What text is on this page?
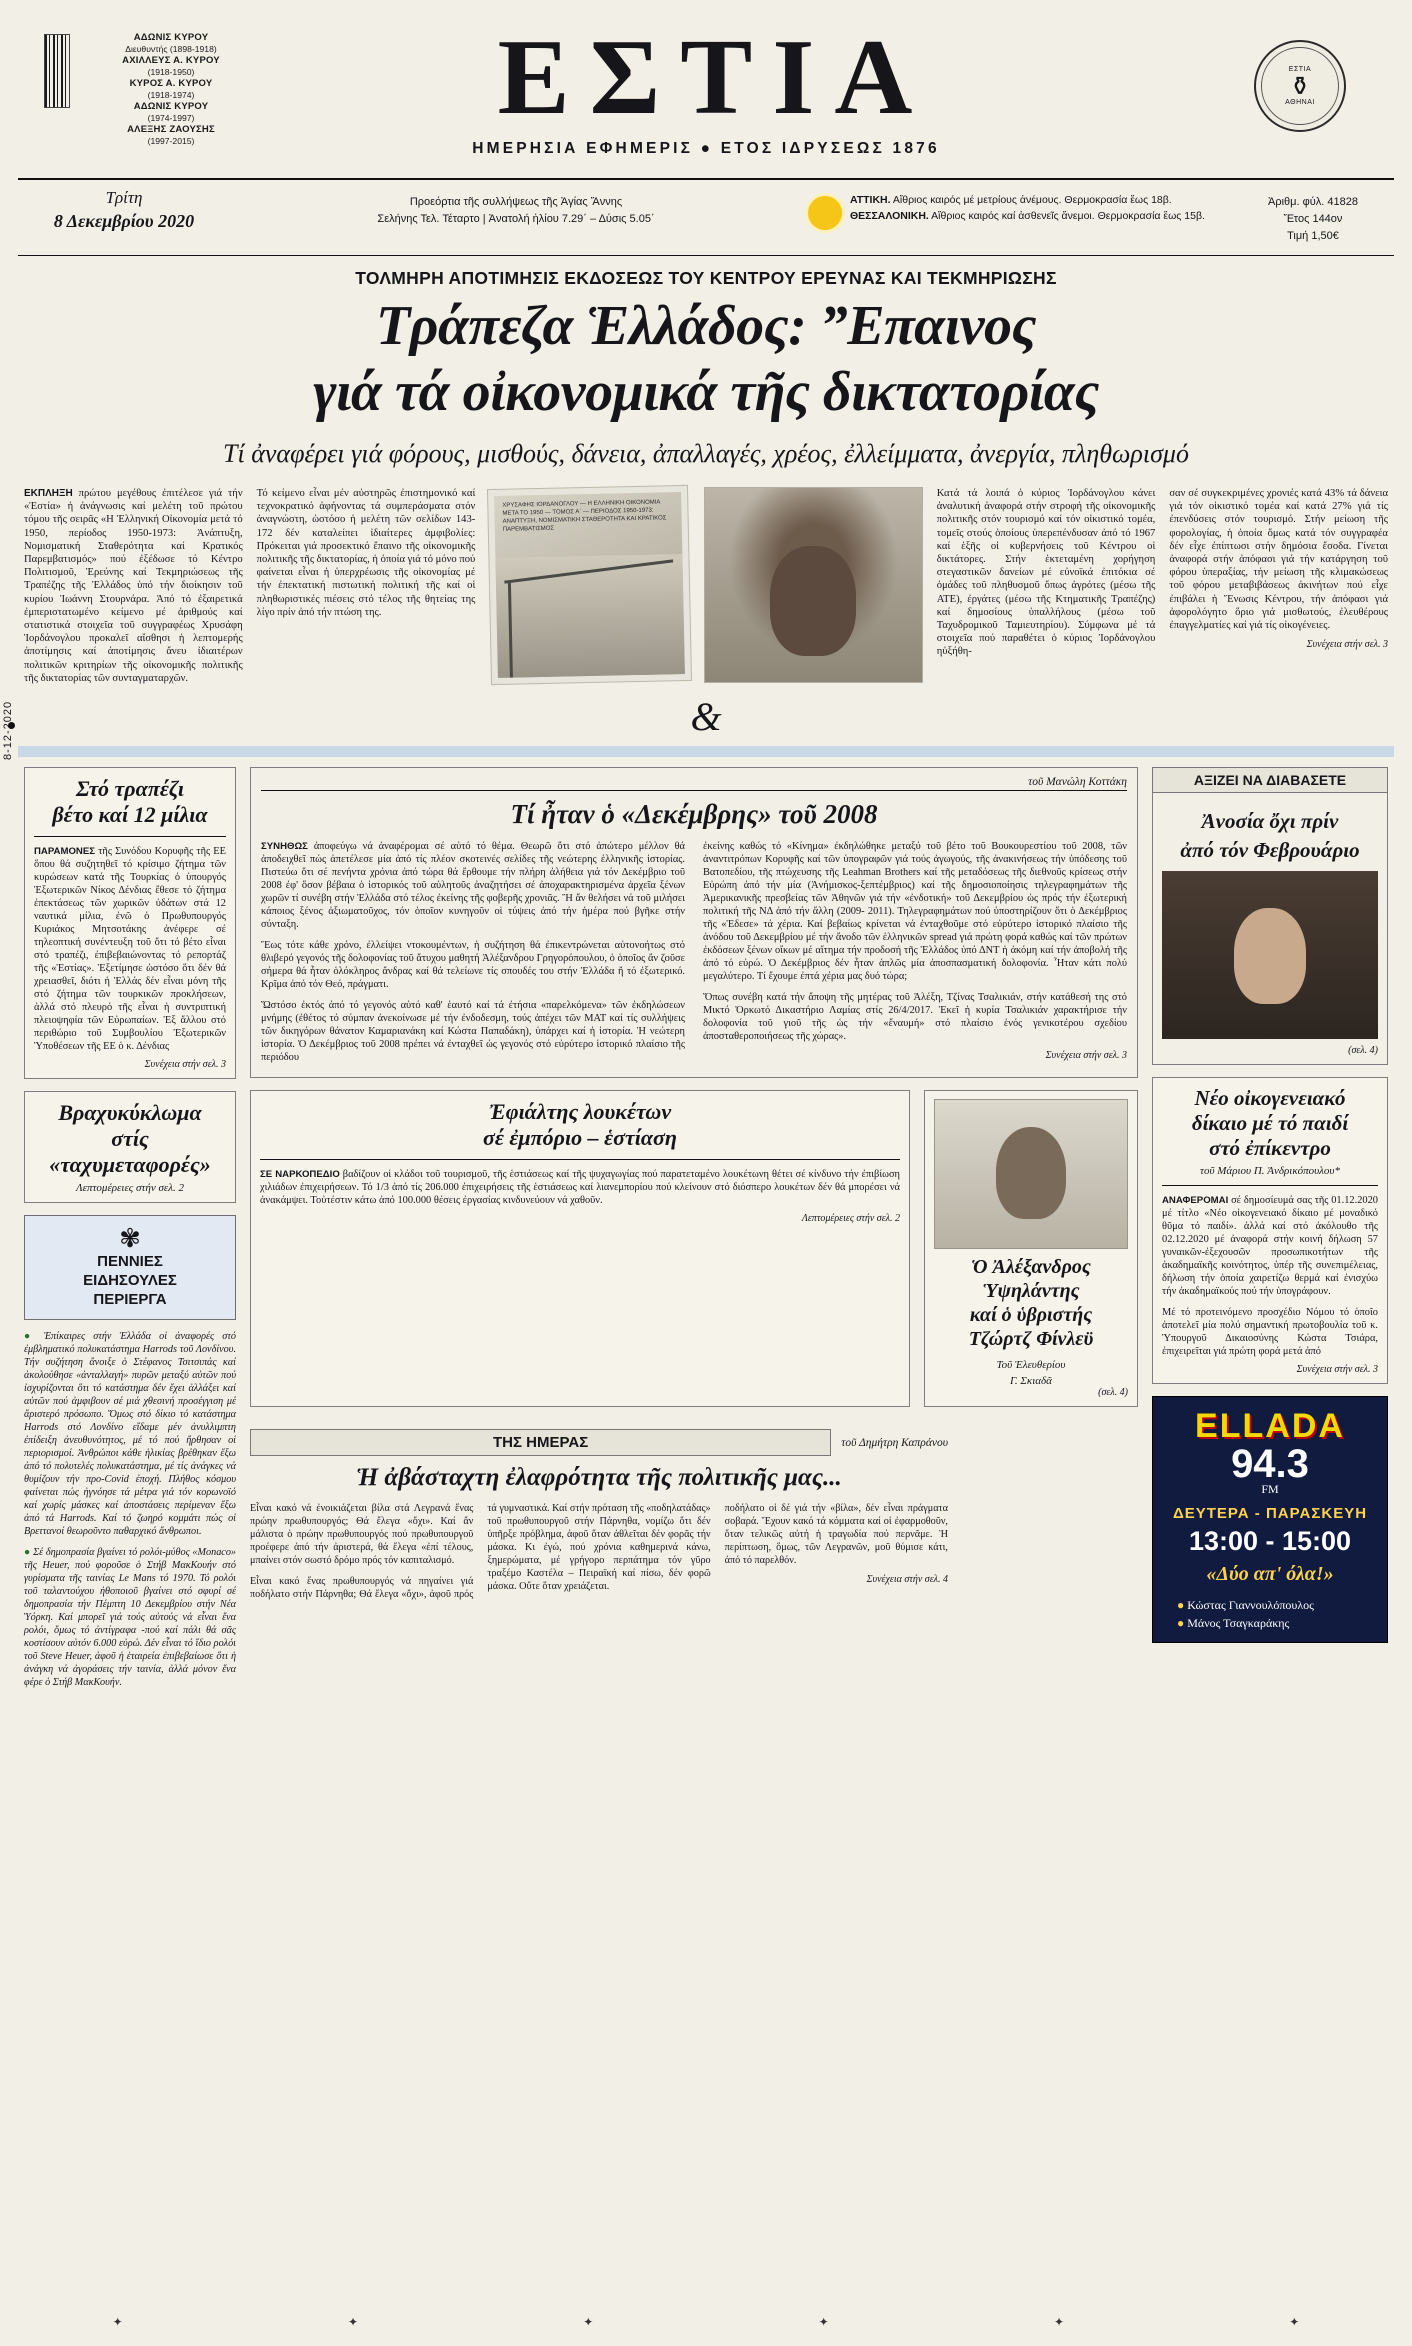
8-12-2020
ΑΔΩΝΙΣ ΚΥΡΟΥ
Διευθυντής (1898-1918)
ΑΧΙΛΛΕΥΣ Α. ΚΥΡΟΥ
(1918-1950)
ΚΥΡΟΣ Α. ΚΥΡΟΥ
(1918-1974)
ΑΔΩΝΙΣ ΚΥΡΟΥ
(1974-1997)
ΑΛΕΞΗΣ ΖΑΟΥΣΗΣ
(1997-2015)
ΕΣΤΙΑ
ΗΜΕΡΗΣΙΑ ΕΦΗΜΕΡΙΣ ● ΕΤΟΣ ΙΔΡΥΣΕΩΣ 1876
ΕΣΤΙΑ
⚱
ΑΘΗΝΑΙ
Τρίτη
8 Δεκεμβρίου 2020
Προεόρτια τῆς συλλήψεως τῆς Ἁγίας Ἄννης
Σελήνης Τελ. Τέταρτο | Ἀνατολή ἡλίου 7.29΄ – Δύσις 5.05΄
ΑΤΤΙΚΗ. Αἴθριος καιρός μέ μετρίους ἀνέμους. Θερμοκρασία ἕως 18β.
ΘΕΣΣΑΛΟΝΙΚΗ. Αἴθριος καιρός καί ἀσθενεῖς ἄνεμοι. Θερμοκρασία ἕως 15β.
Ἀριθμ. φύλ. 41828
Ἔτος 144ον
Τιμή 1,50€
ΤΟΛΜΗΡΗ ΑΠΟΤΙΜΗΣΙΣ ΕΚΔΟΣΕΩΣ ΤΟΥ ΚΕΝΤΡΟΥ ΕΡΕΥΝΑΣ ΚΑΙ ΤΕΚΜΗΡΙΩΣΗΣ
Τράπεζα Ἑλλάδος: ”Επαινος
γιά τά οἰκονομικά τῆς δικτατορίας
Τί ἀναφέρει γιά φόρους, μισθούς, δάνεια, ἀπαλλαγές, χρέος, ἐλλείμματα, ἀνεργία, πληθωρισμό
ΕΚΠΛΗΞΗ πρώτου μεγέθους ἐπιτέλεσε γιά τήν «Ἑστία» ἡ ἀνάγνωσις καί μελέτη τοῦ πρώτου τόμου τῆς σειρᾶς «Η Ἑλληνική Οἰκονομία μετά τό 1950, περίοδος 1950-1973: Ἀνάπτυξη, Νομισματική Σταθερότητα καί Κρατικός Παρεμβατισμός» πού ἐξέδωσε τό Κέντρο Πολιτισμοῦ, Ἐρεύνης καί Τεκμηριώσεως τῆς Τραπέζης τῆς Ἑλλάδος ὑπό τήν διοίκησιν τοῦ κυρίου Ἰωάννη Στουρνάρα. Ἀπό τό ἐξαιρετικά ἐμπεριστατωμένο κείμενο μέ ἀριθμούς καί στατιστικά στοιχεῖα τοῦ συγγραφέως Χρυσάφη Ἰορδάνογλου προκαλεῖ αἴσθησι ἡ λεπτομερής ἀποτίμησις καί ἀποτίμησις ἄνευ ἰδιαιτέρων πολιτικῶν κριτηρίων τῆς οἰκονομικῆς πολιτικῆς τῆς δικτατορίας τῶν συνταγματαρχῶν.
Τό κείμενο εἶναι μέν αὐστηρῶς ἐπιστημονικό καί τεχνοκρατικό ἀφήνοντας τά συμπεράσματα στόν ἀναγνώστη, ὡστόσο ἡ μελέτη τῶν σελίδων 143-172 δέν καταλείπει ἰδιαίτερες ἀμφιβολίες: Πρόκειται γιά προσεκτικό ἔπαινο τῆς οἰκονομικῆς πολιτικῆς τῆς δικτατορίας, ἡ ὁποία γιά τό μόνο πού φαίνεται εἶναι ἡ ὑπερχρέωσις τῆς οἰκονομίας μέ τήν ἐπεκτατική πιστωτική πολιτική τῆς καί οἱ πληθωριστικές πιέσεις στό τέλος τῆς θητείας της λίγο πρίν ἀπό τήν πτώση της.
ΧΡΥΣΑΦΗΣ ΙΟΡΔΑΝΟΓΛΟΥ — Η ΕΛΛΗΝΙΚΗ ΟΙΚΟΝΟΜΙΑ ΜΕΤΑ ΤΟ 1950 — ΤΟΜΟΣ Α΄ — ΠΕΡΙΟΔΟΣ 1950-1973: ΑΝΑΠΤΥΞΗ, ΝΟΜΙΣΜΑΤΙΚΗ ΣΤΑΘΕΡΟΤΗΤΑ ΚΑΙ ΚΡΑΤΙΚΟΣ ΠΑΡΕΜΒΑΤΙΣΜΟΣ
Κατά τά λοιπά ὁ κύριος Ἰορδάνογλου κάνει ἀναλυτική ἀναφορά στήν στροφή τῆς οἰκονομικῆς πολιτικῆς στόν τουρισμό καί τόν οἰκιστικό τομέα, τομεῖς στούς ὁποίους ὑπερεπένδυσαν ἀπό τό 1967 καί ἑξῆς οἱ κυβερνήσεις τοῦ Κέντρου οἱ δικτάτορες. Στήν ἑκτεταμένη χορήγηση στεγαστικῶν δανείων μέ εὐνοϊκά ἐπιτόκια σέ ὁμάδες τοῦ πληθυσμοῦ ὅπως ἀγρότες (μέσω τῆς ΑΤΕ), ἐργάτες (μέσω τῆς Κτηματικῆς Τραπέζης) καί δημοσίους ὑπαλλήλους (μέσω τοῦ Ταχυδρομικοῦ Ταμιευτηρίου). Σύμφωνα μέ τά στοιχεῖα πού παραθέτει ὁ κύριος Ἰορδάνογλου ηὐξήθη-
σαν σέ συγκεκριμένες χρονιές κατά 43% τά δάνεια γιά τόν οἰκιστικό τομέα καί κατά 27% γιά τίς ἐπενδύσεις στόν τουρισμό. Στήν μείωση τῆς φορολογίας, ἡ ὁποία ὅμως κατά τόν συγγραφέα δέν εἶχε ἐπίπτωσι στήν δημόσια ἔσοδα. Γίνεται ἀναφορά στήν ἀπόφασι γιά τήν κατάργηση τοῦ φόρου ὑπεραξίας, τήν μείωση τῆς κλιμακώσεως τοῦ φόρου μεταβιβάσεως ἀκινήτων πού εἶχε ἐπιβάλει ἡ Ἕνωσις Κέντρου, τήν ἀπόφασι γιά ἀφορολόγητο ὅριο γιά μισθωτούς, ἐλευθέρους ἐπαγγελματίες καί γιά τίς οἰκογένειες.
Συνέχεια στήν σελ. 3
&
Στό τραπέζι
βέτο καί 12 μίλια
ΠΑΡΑΜΟΝΕΣ τῆς Συνόδου Κορυφῆς τῆς ΕΕ ὅπου θά συζητηθεῖ τό κρίσιμο ζήτημα τῶν κυρώσεων κατά τῆς Τουρκίας ὁ ὑπουργός Ἐξωτερικῶν Νίκος Δένδιας ἔθεσε τό ζήτημα ἐπεκτάσεως τῶν χωρικῶν ὑδάτων στά 12 ναυτικά μίλια, ἐνῶ ὁ Πρωθυπουργός Κυριάκος Μητσοτάκης ἀνέφερε σέ τηλεοπτική συνέντευξη τοῦ ὅτι τό βέτο εἶναι στό τραπέζι, ἐπιβεβαιώνοντας τό ρεπορτάζ τῆς «Ἑστίας». Ἐξετίμησε ὡστόσο ὅτι δέν θά χρειασθεῖ, διότι ἡ Ἑλλάς δέν εἶναι μόνη τῆς στό ζήτημα τῶν τουρκικῶν προκλήσεων, ἀλλά στό πλευρό τῆς εἶναι ἡ συντριπτική πλειοψηφία τῶν Εὐρωπαίων. Ἐξ ἄλλου στό περιθώριο τοῦ Συμβουλίου Ἐξωτερικῶν Ὑποθέσεων τῆς ΕΕ ὁ κ. Δένδιας
Συνέχεια στήν σελ. 3
Βραχυκύκλωμα
στίς «ταχυμεταφορές»
Λεπτομέρειες στήν σελ. 2
✾
ΠΕΝΝΙΕΣ
ΕΙΔΗΣΟΥΛΕΣ
ΠΕΡΙΕΡΓΑ

● Ἐπίκαιρες στήν Ἑλλάδα οἱ ἀναφορές στό ἐμβληματικό πολυκατάστημα Harrods τοῦ Λονδίνου. Τήν συζήτηση ἄνοιξε ὁ Στέφανος Τσιτσιπάς καί ἀκολούθησε «ἀνταλλαγή» πυρῶν μεταξύ αὐτῶν πού ἰσχυρίζονται ὅτι τό κατάστημα δέν ἔχει ἀλλάξει καί αὐτῶν πού ἀμφιβουν σέ μιά χθεσινή προσέγγιση μέ ἄριστερό πρόσωπο. Ὅμως στό δίκιο τό κατάστημα Harrods στό Λονδίνο εἴδαμε μέν ἀνυλλιμπτη ἐπίδειξη ἀνευθυνότητος, μέ τό πού ἤρθησαν οἱ περιορισμοί. Ἀνθρώποι κάθε ἡλικίας βρέθηκαν ἔξω ἀπό τό πολυτελές πολυκατάστημα, μέ τίς ἀνάγκες νά θυμίζουν τήν προ-Covid ἐποχή. Πλήθος κόσμου φαίνεται πώς ἠγνόησε τά μέτρα γιά τόν κορωνοϊό καί χωρίς μάσκες καί ἀποστάσεις περίμεναν ἔξω ἀπό τά Harrods. Καί τό ζωηρό κομμάτι πώς οἱ Βρεττανοί θεωροῦντο παθαρχικό ἄνθρωποι.

● Σέ δημοπρασία βγαίνει τό ρολόι-μύθος «Monaco» τῆς Heuer, πού φοροῦσε ὁ Στήβ ΜακΚουήν στό γυρίσματα τῆς ταινίας Le Mans τό 1970. Τό ρολόι τοῦ ταλαντούχου ἠθοποιοῦ βγαίνει στό σφυρί σέ δημοπρασία τήν Πέμπτη 10 Δεκεμβρίου στήν Νέα Ὑόρκη. Καί μπορεῖ γιά τούς αὐτούς νά εἶναι ἕνα ρολόι, ὅμως τό ἀντίγραφα -πού καί πάλι θά σᾶς κοστίσουν αὐτόν 6.000 εὐρώ. Δέν εἶναι τό ἴδιο ρολόι τοῦ Steve Heuer, ἀφοῦ ἡ ἑταιρεία ἐπιβεβαίωσε ὅτι ἡ ἀνάγκη νά ἀγοράσεις τήν ταινία, ἀλλά μόνον ἕνα φέρε ὁ Στήβ ΜακΚουήν.

τοῦ Μανώλη Κοττάκη
Τί ἦταν ὁ «Δεκέμβρης» τοῦ 2008

ΣΥΝΗΘΩΣ ἀποφεύγω νά ἀναφέρομαι σέ αὐτό τό θέμα. Θεωρῶ ὅτι στό ἀπώτερο μέλλον θά ἀποδειχθεῖ πώς ἀπετέλεσε μία ἀπό τίς πλέον σκοτεινές σελίδες τῆς νεώτερης ἑλληνικῆς ἱστορίας. Πιστεύω ὅτι σέ πενήντα χρόνια ἀπό τώρα θά ἔρθουμε τήν πλήρη ἀλήθεια γιά τόν Δεκέμβριο τοῦ 2008 ἐφ' ὅσον βέβαια ὁ ἱστορικός τοῦ αὐλητοῦς ἀναζητήσει σέ ἀποχαρακτηρισμένα ἀρχεῖα ξένων χωρῶν τί συνέβη στήν Ἑλλάδα στό τέλος ἐκείνης τῆς φοβερῆς χρονιᾶς. Ἤ ἄν θελήσει νά τοῦ μιλήσει κάποιος ξένος ἀξιωματοῦχος, τόν ὁποῖον κυνηγοῦν οἱ τύψεις ἀπό τήν ἡμέρα πού βγῆκε στήν σύνταξη.

Ἕως τότε κάθε χρόνο, ἐλλείψει ντοκουμέντων, ἡ συζήτηση θά ἐπικεντρώνεται αὐτονοήτως στό θλιβερό γεγονός τῆς δολοφονίας τοῦ ἄτυχου μαθητή Ἀλέξανδρου Γρηγορόπουλου, ὁ ὁποῖος ἄν ζοῦσε σήμερα θά ἦταν ὁλόκληρος ἄνδρας καί θά τελείωνε τίς σπουδές του στήν Ἑλλάδα ἤ τό ἐξωτερικό. Κρῖμα ἀπό τόν Θεό, πράγματι.

Ὥστόσο ἐκτός ἀπό τό γεγονός αὐτό καθ' ἑαυτό καί τά ἐτήσια «παρελκόμενα» τῶν ἐκδηλώσεων μνήμης (ἐθέτος τό σύμπαν ἀνεκοίνωσε μέ τήν ἐνδοδεσμη, τούς ἀπέχει τῶν ΜΑΤ καί τίς συλλήψεις τῶν δικηγόρων θάνατον Καμαριανάκη καί Κώστα Παπαδάκη), ὑπάρχει καί ἡ ἱστορία. Ἡ νεώτερη ἱστορία. Ὁ Δεκέμβριος τοῦ 2008 πρέπει νά ἐνταχθεῖ ὡς γεγονός στό εὐρύτερο ἱστορικό πλαίσιο τῆς περιόδου

ἐκείνης καθώς τό «Κίνημα» ἐκδηλώθηκε μεταξύ τοῦ βέτο τοῦ Βουκουρεστίου τοῦ 2008, τῶν ἀναντιτρόπων Κορυφῆς καί τῶν ὑπογραφῶν γιά τούς ἀγωγούς, τῆς ἀνακινήσεως τήν ὑπόδεσης τοῦ Βατοπεδίου, τῆς πτώχευσης τῆς Leahman Brothers καί τῆς μεταδόσεως τῆς διεθνοῦς κρίσεως στήν Εὐρώπη ἀπό τήν μία (Ἀνήμισκος-ξεπτέμβριος) καί τῆς δημοσιοποίησις τηλεγραφημάτων τῆς Ἀμερικανικῆς πρεσβείας τῶν Ἀθηνῶν γιά τήν «ἐνδοτική» τοῦ Δεκεμβρίου ὡς πρός τήν ἐξωτερική πολιτική τῆς ΝΔ ἀπό τήν ἄλλη (2009- 2011). Τηλεγραφημάτων πού ὑποστηρίζουν ὅτι ὁ Δεκέμβριος τῆς «Ἑδεσε» τά χέρια. Καί βεβαίως κρίνεται νά ἐνταχθοῦμε στό εὐρύτερο ἱστορικό πλαίσιο τῆς ἀνόδου τοῦ Δεκεμβρίου μέ τήν ἄνοδο τῶν ἑλληνικῶν spread γιά πρώτη φορά καθώς καί τῶν πρώτων ἐκδόσεων ξένων οἴκων μέ αἴτημα τήν προδοσή τῆς Ἑλλάδος ὑπό ΔΝΤ ἡ ἀκόμη καί τήν ἀποβολή τῆς ἀπό τό εὐρώ. Ὁ Δεκέμβριος δέν ἦταν ἁπλῶς μία ἀποσπασματική δολοφονία. Ἦταν κάτι πολύ μεγαλύτερο. Τί ἔχουμε ἐπτά χέρια μας δυό τώρα;

Ὅπως συνέβη κατά τήν ἄποψη τῆς μητέρας τοῦ Ἀλέξη, Τζίνας Τσαλικιάν, στήν κατάθεσή της στό Μικτό Ὁρκωτό Δικαστήριο Λαμίας στίς 26/4/2017. Ἐκεῖ ἡ κυρία Τσαλικιάν χαρακτήρισε τήν δολοφονία τοῦ γιοῦ τῆς ὡς τήν «ἔναυμή» στό πλαίσιο ἑνός γενικοτέρου σχεδίου ἀποσταθεροποιήσεως τῆς χώρας».

Συνέχεια στήν σελ. 3
Ἐφιάλτης λουκέτων
σέ ἐμπόριο – ἑστίαση
ΣΕ ΝΑΡΚΟΠΕΔΙΟ βαδίζουν οἱ κλάδοι τοῦ τουρισμοῦ, τῆς ἑστιάσεως καί τῆς ψυχαγωγίας πού παρατεταμένο λουκέτωνη θέτει σέ κίνδυνο τήν ἐπιβίωση χιλιάδων ἐπιχειρήσεων. Τό 1/3 ἀπό τίς 206.000 ἐπιχειρήσεις τῆς ἑστιάσεως καί λιανεμπορίου πού κλείνουν στό διόσπερο λουκέτων δέν θά μπορέσει νά ἀνακάμψει. Τοὐτέστιν κάτω ἀπό 100.000 θέσεις ἐργασίας κινδυνεύουν νά χαθοῦν.
Λεπτομέρειες στήν σελ. 2
Ὁ Ἀλέξανδρος
Ὑψηλάντης
καί ὁ ὑβριστής
Τζώρτζ Φίνλεϋ
Τοῦ Ἐλευθερίου
Γ. Σκιαδᾶ
(σελ. 4)
ΑΞΙΖΕΙ ΝΑ ΔΙΑΒΑΣΕΤΕ
Ἀνοσία ὄχι πρίν
ἀπό τόν Φεβρουάριο
(σελ. 4)
Νέο οἰκογενειακό
δίκαιο μέ τό παιδί
στό ἐπίκεντρο
τοῦ Μάριου Π. Ἀνδρικόπουλου*
ΑΝΑΦΕΡΟΜΑΙ σέ δημοσίευμά σας τῆς 01.12.2020 μέ τίτλο «Νέο οἰκογενειακό δίκαιο μέ μοναδικό θῦμα τό παιδί». ἀλλά καί στό ἀκόλουθο τῆς 02.12.2020 μέ ἀναφορά στήν κοινή δήλωση 57 γυναικῶν-ἐξεχουσῶν προσωπικοτήτων τῆς ἀκαδημαϊκῆς κοινότητος, ὑπέρ τῆς συνεπιμέλειας, δήλωση τήν ὁποία χαιρετίζω θερμά καί ἐνισχύω τήν ἀκαδημαϊκούς πού τήν ὑπογράφουν.

Μέ τό προτεινόμενο προσχέδιο Νόμου τό ὁποῖο ἀποτελεῖ μία πολύ σημαντική πρωτοβουλία τοῦ κ. Ὑπουργοῦ Δικαιοσύνης Κώστα Τσιάρα, ἐπιχειρεῖται γιά πρώτη φορά μετά ἀπό

Συνέχεια στήν σελ. 3
ELLADA
94.3
FM
ΔΕΥΤΕΡΑ - ΠΑΡΑΣΚΕΥΗ
13:00 - 15:00
«Δύο απ' όλα!»
● Κώστας Γιαννουλόπουλος
● Μάνος Τσαγκαράκης
ΤΗΣ ΗΜΕΡΑΣ	τοῦ Δημήτρη Καπράνου
Ἡ ἀβάσταχτη ἐλαφρότητα τῆς πολιτικῆς μας...
Εἶναι κακό νά ἐνοικιάζεται βίλα στά Λεγρανά ἕνας πρώην πρωθυπουργός; Θά ἔλεγα «ὄχι». Καί ἄν μάλιστα ὁ πρώην πρωθυπουργός πού πρωθυπουργοῦ προέφερε ἀπό τήν ἀριστερά, θά ἔλεγα «ἐπί τέλους, μπαίνει στόν σωστό δρόμο πρός τόν καπιταλισμό.
Εἶναι κακό ἕνας πρωθυπουργός νά πηγαίνει γιά ποδήλατο στήν Πάρνηθα; Θά ἔλεγα «ὄχι», ἀφοῦ πρός τά γυμναστικά. Καί στήν πρόταση τῆς «ποδηλατάδας» τοῦ πρωθυπουργοῦ στήν Πάρνηθα, νομίζω ὅτι δέν ὑπῆρξε πρόβλημα, ἀφοῦ ὅταν ἀθλεῖται δέν φορᾶς τήν μάσκα. Κι ἐγώ, πού χρόνια καθημερινά κάνω, ξημερώματα, μέ γρήγορο περπάτημα τόν γῦρο τραξέμο Καστέλα – Πειραϊκή καί πίσω, δέν φορῶ μάσκα. Οὔτε ὅταν χρειάζεται.
ποδήλατο οἱ δέ γιά τήν «βίλα», δέν εἶναι πράγματα σοβαρά. Ἕχουν κακό τά κόμματα καί οἱ ἐφαρμοθοῦν, ὅταν τελικῶς αὐτή ἡ τραγωδία πού περνᾶμε. Ἡ περίπτωση, ὅμως, τῶν Λεγρανῶν, μοῦ θύμισε κάτι, ἀπό τό παρελθόν.
Συνέχεια στήν σελ. 4
✦	✦	✦	✦	✦	✦
